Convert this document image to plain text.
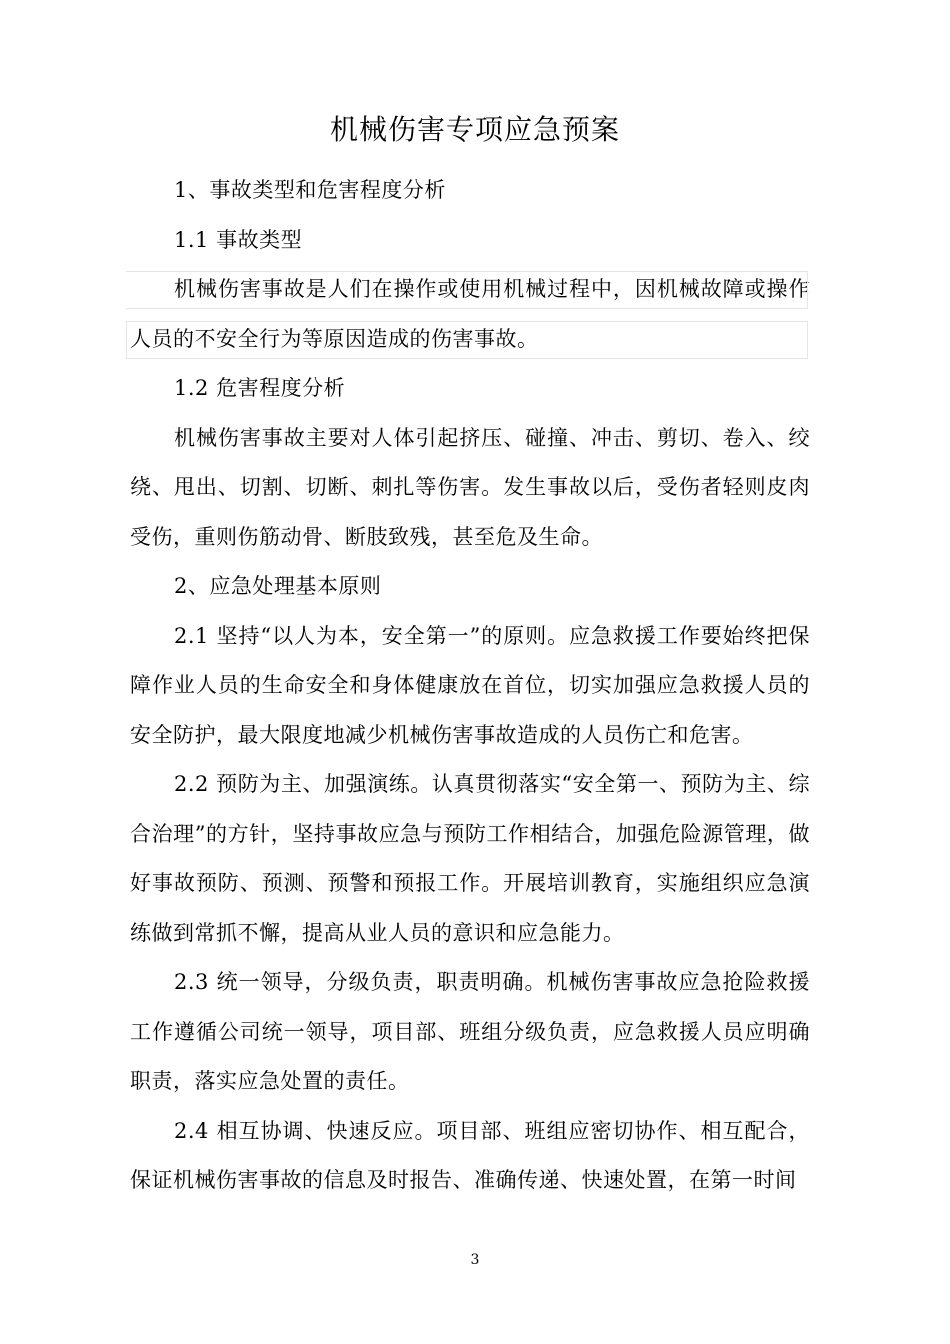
机械伤害专项应急预案

1、事故类型和危害程度分析

1.1 事故类型

机械伤害事故是人们在操作或使用机械过程中，因机械故障或操作人员的不安全行为等原因造成的伤害事故。

1.2 危害程度分析

机械伤害事故主要对人体引起挤压、碰撞、冲击、剪切、卷入、绞绕、甩出、切割、切断、刺扎等伤害。发生事故以后，受伤者轻则皮肉受伤，重则伤筋动骨、断肢致残，甚至危及生命。

2、应急处理基本原则

2.1 坚持“以人为本，安全第一”的原则。应急救援工作要始终把保障作业人员的生命安全和身体健康放在首位，切实加强应急救援人员的安全防护，最大限度地减少机械伤害事故造成的人员伤亡和危害。

2.2 预防为主、加强演练。认真贯彻落实“安全第一、预防为主、综合治理”的方针，坚持事故应急与预防工作相结合，加强危险源管理，做好事故预防、预测、预警和预报工作。开展培训教育，实施组织应急演练做到常抓不懈，提高从业人员的意识和应急能力。

2.3 统一领导，分级负责，职责明确。机械伤害事故应急抢险救援工作遵循公司统一领导，项目部、班组分级负责，应急救援人员应明确职责，落实应急处置的责任。

2.4 相互协调、快速反应。项目部、班组应密切协作、相互配合，保证机械伤害事故的信息及时报告、准确传递、快速处置，在第一时间

3
